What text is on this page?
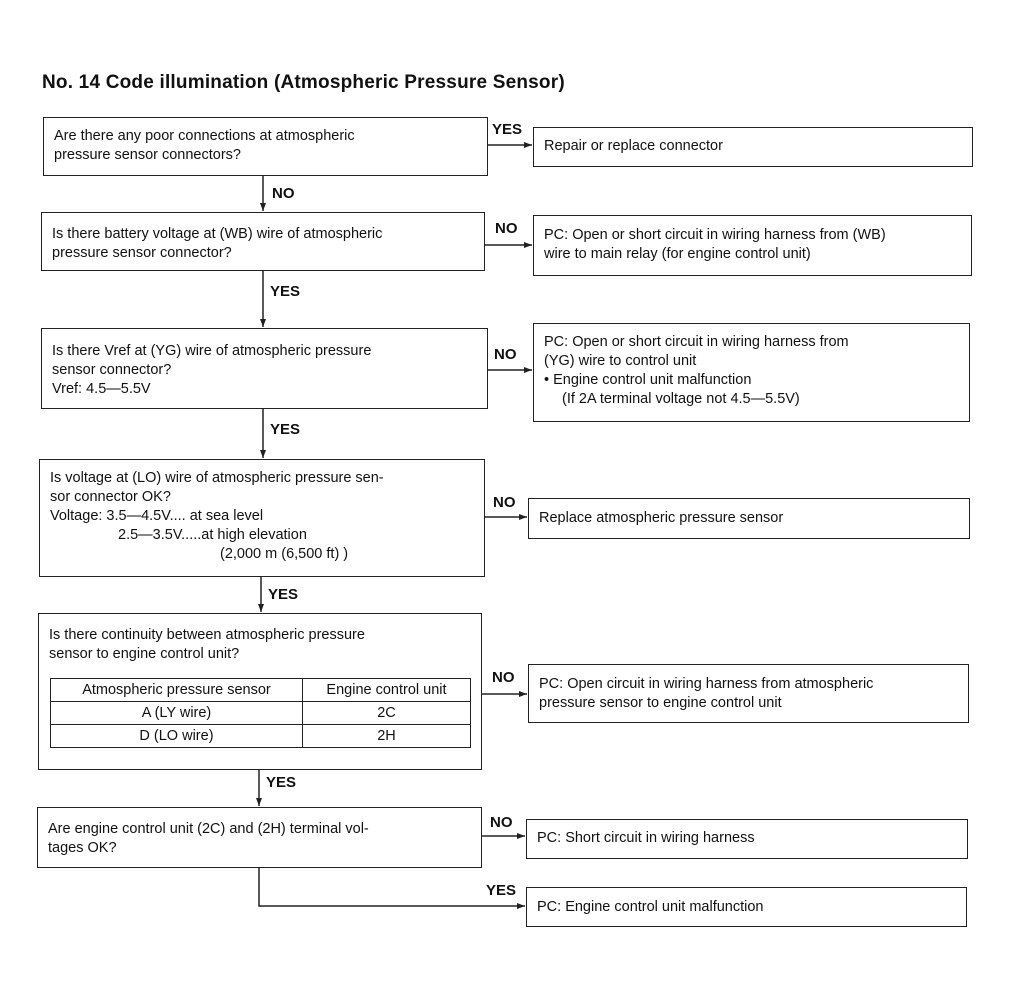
No. 14 Code illumination (Atmospheric Pressure Sensor)
YES
NO
NO
YES
NO
YES
NO
YES
NO
YES
NO
YES
Are there any poor connections at atmospheric
pressure sensor connectors?
Is there battery voltage at (WB) wire of atmospheric
pressure sensor connector?
Is there Vref at (YG) wire of atmospheric pressure
sensor connector?
Vref: 4.5—5.5V
Is voltage at (LO) wire of atmospheric pressure sen-
sor connector OK?
Voltage: 3.5—4.5V.... at sea level
2.5—3.5V.....at high elevation
(2,000 m (6,500 ft) )
Is there continuity between atmospheric pressure
sensor to engine control unit?
Atmospheric pressure sensor	Engine control unit
A (LY wire)	2C
D (LO wire)	2H
Are engine control unit (2C) and (2H) terminal vol-
tages OK?
Repair or replace connector
PC: Open or short circuit in wiring harness from (WB)
wire to main relay (for engine control unit)
PC: Open or short circuit in wiring harness from
(YG) wire to control unit
• Engine control unit malfunction
(If 2A terminal voltage not 4.5—5.5V)
Replace atmospheric pressure sensor
PC: Open circuit in wiring harness from atmospheric
pressure sensor to engine control unit
PC: Short circuit in wiring harness
PC: Engine control unit malfunction
